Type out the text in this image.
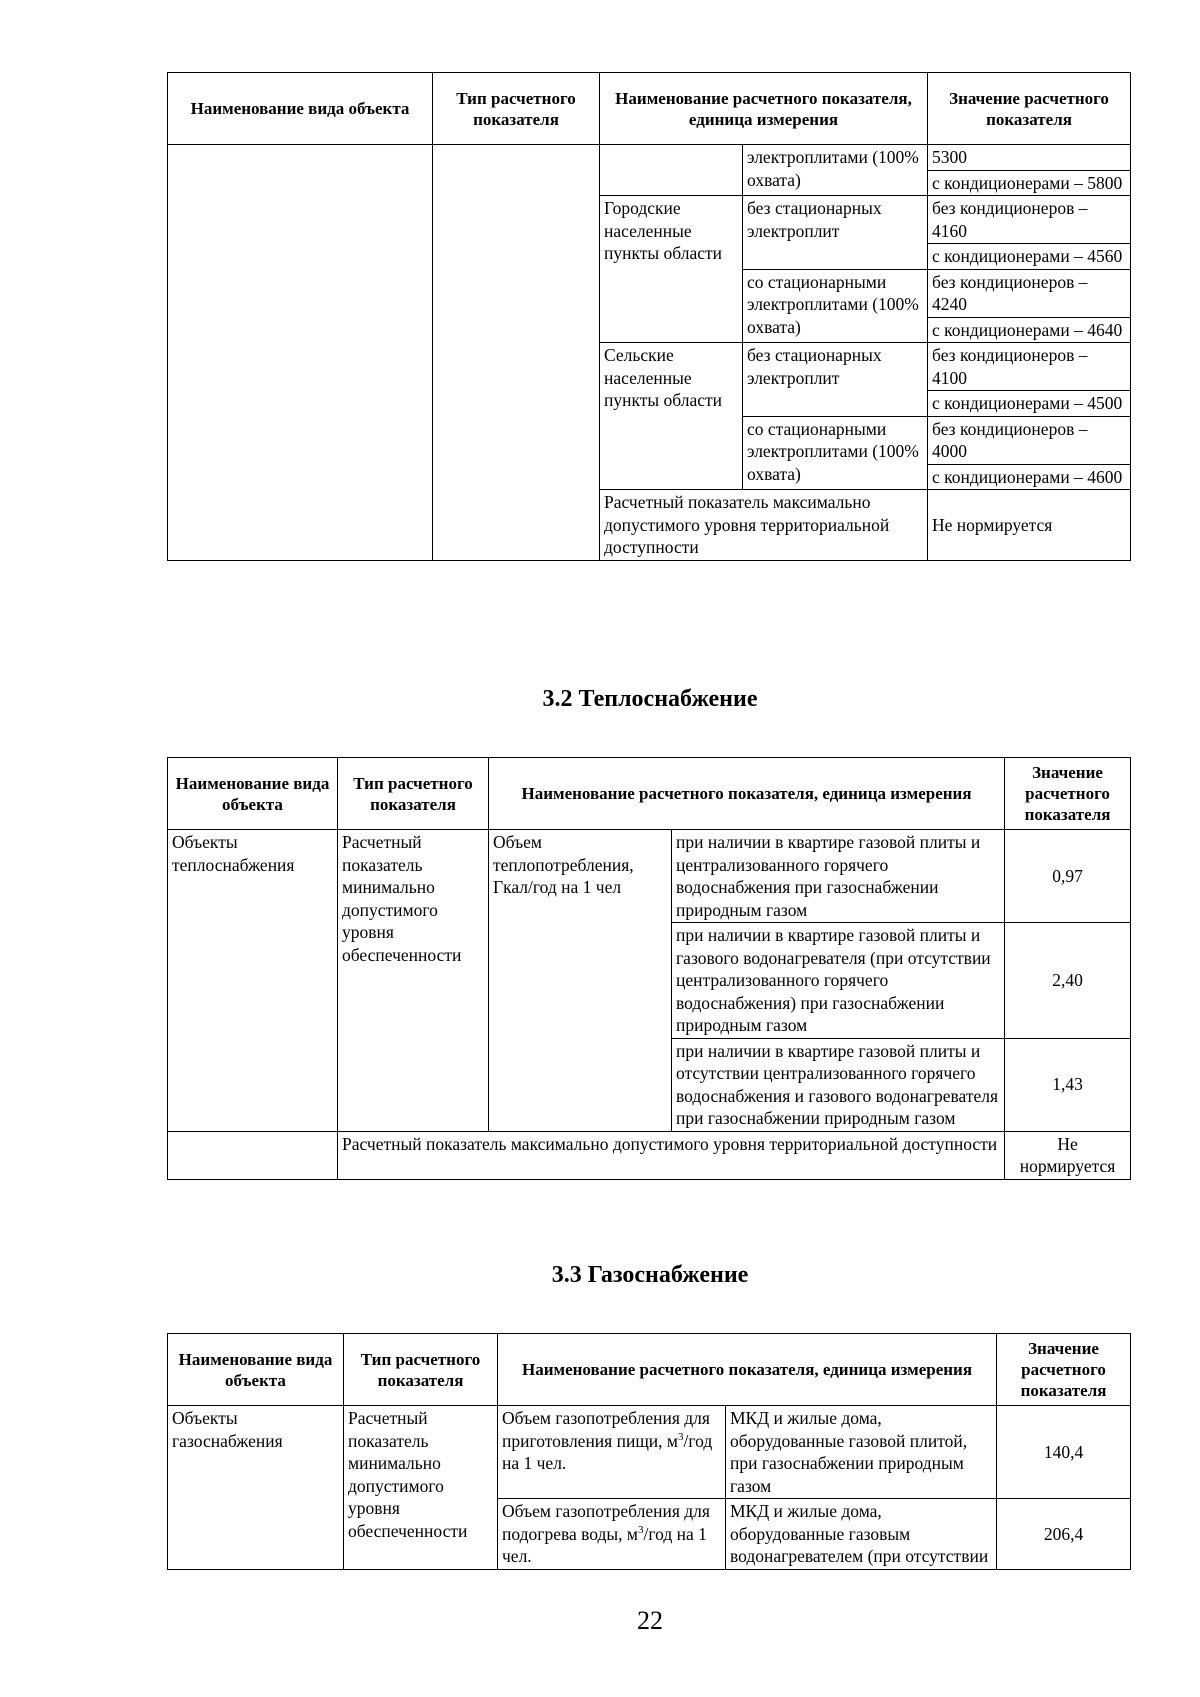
Наименование вида объекта	Тип расчетного показателя	Наименование расчетного показателя, единица измерения		Значение расчетного показателя
			электроплитами (100% охвата)	5300
				с кондиционерами – 5800
		Городские населенные пункты области	без стационарных электроплит	без кондиционеров – 4160
				с кондиционерами – 4560
			со стационарными электроплитами (100% охвата)	без кондиционеров – 4240
				с кондиционерами – 4640
		Сельские населенные пункты области	без стационарных электроплит	без кондиционеров – 4100
				с кондиционерами – 4500
			со стационарными электроплитами (100% охвата)	без кондиционеров – 4000
				с кондиционерами – 4600
		Расчетный показатель максимально допустимого уровня территориальной доступности		Не нормируется
3.2 Теплоснабжение
Наименование вида объекта	Тип расчетного показателя	Наименование расчетного показателя, единица измерения		Значение расчетного показателя
Объекты теплоснабжения	Расчетный показатель минимально допустимого уровня обеспеченности	Объем теплопотребления, Гкал/год на 1 чел	при наличии в квартире газовой плиты и централизованного горячего водоснабжения при газоснабжении природным газом	0,97
			при наличии в квартире газовой плиты и газового водонагревателя (при отсутствии централизованного горячего водоснабжения) при газоснабжении природным газом	2,40
			при наличии в квартире газовой плиты и отсутствии централизованного горячего водоснабжения и газового водонагревателя при газоснабжении природным газом	1,43
	Расчетный показатель максимально допустимого уровня территориальной доступности			Не нормируется
3.3 Газоснабжение
Наименование вида объекта	Тип расчетного показателя	Наименование расчетного показателя, единица измерения		Значение расчетного показателя
Объекты газоснабжения	Расчетный показатель минимально допустимого уровня обеспеченности	Объем газопотребления для приготовления пищи, $м^3$/год на 1 чел.	МКД и жилые дома, оборудованные газовой плитой, при газоснабжении природным газом	140,4
		Объем газопотребления для подогрева воды, $м^3$/год на 1 чел.	МКД и жилые дома, оборудованные газовым водонагревателем (при отсутствии	206,4
22
